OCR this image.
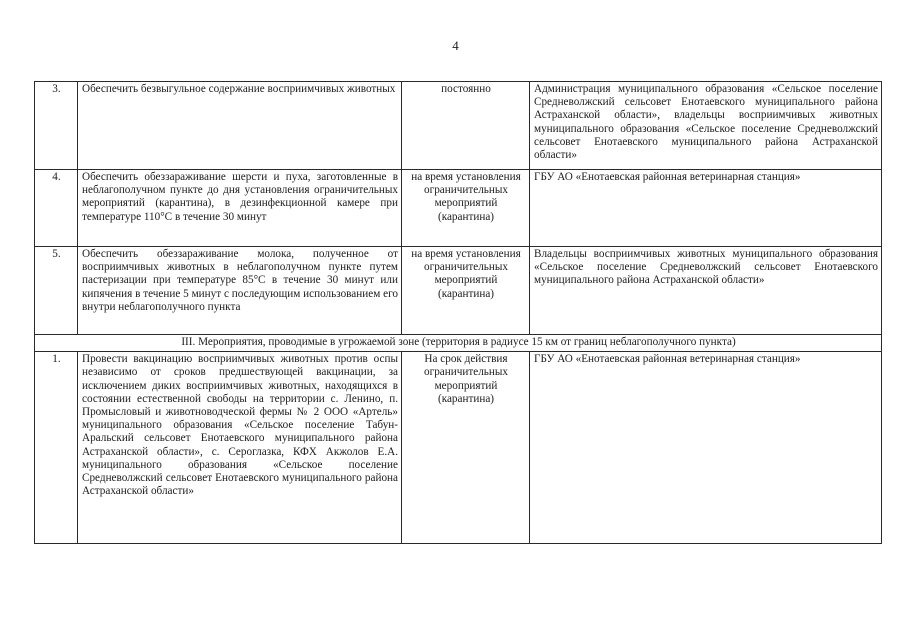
4
3.	Обеспечить безвыгульное содержание восприимчивых животных	постоянно	Администрация муниципального образования «Сельское поселение Средневолжский сельсовет Енотаевского муниципального района Астраханской области», владельцы восприимчивых животных муниципального образования «Сельское поселение Средневолжский сельсовет Енотаевского муниципального района Астраханской области»
4.	Обеспечить обеззараживание шерсти и пуха, заготовленные в неблагополучном пункте до дня установления ограничительных мероприятий (карантина), в дезинфекционной камере при температуре 110°С в течение 30 минут	на время установления ограничительных мероприятий (карантина)	ГБУ АО «Енотаевская районная ветеринарная станция»
5.	Обеспечить обеззараживание молока, полученное от восприимчивых животных в неблагополучном пункте путем пастеризации при температуре 85°С в течение 30 минут или кипячения в течение 5 минут с последующим использованием его внутри неблагополучного пункта	на время установления ограничительных мероприятий (карантина)	Владельцы восприимчивых животных муниципального образования «Сельское поселение Средневолжский сельсовет Енотаевского муниципального района Астраханской области»
III. Мероприятия, проводимые в угрожаемой зоне (территория в радиусе 15 км от границ неблагополучного пункта)			
1.	Провести вакцинацию восприимчивых животных против оспы независимо от сроков предшествующей вакцинации, за исключением диких восприимчивых животных, находящихся в состоянии естественной свободы на территории с. Ленино, п. Промысловый и животноводческой фермы № 2 ООО «Артель» муниципального образования «Сельское поселение Табун-Аральский сельсовет Енотаевского муниципального района Астраханской области», с. Сероглазка, КФХ Акжолов Е.А. муниципального образования «Сельское поселение Средневолжский сельсовет Енотаевского муниципального района Астраханской области»	На срок действия ограничительных мероприятий (карантина)	ГБУ АО «Енотаевская районная ветеринарная станция»
